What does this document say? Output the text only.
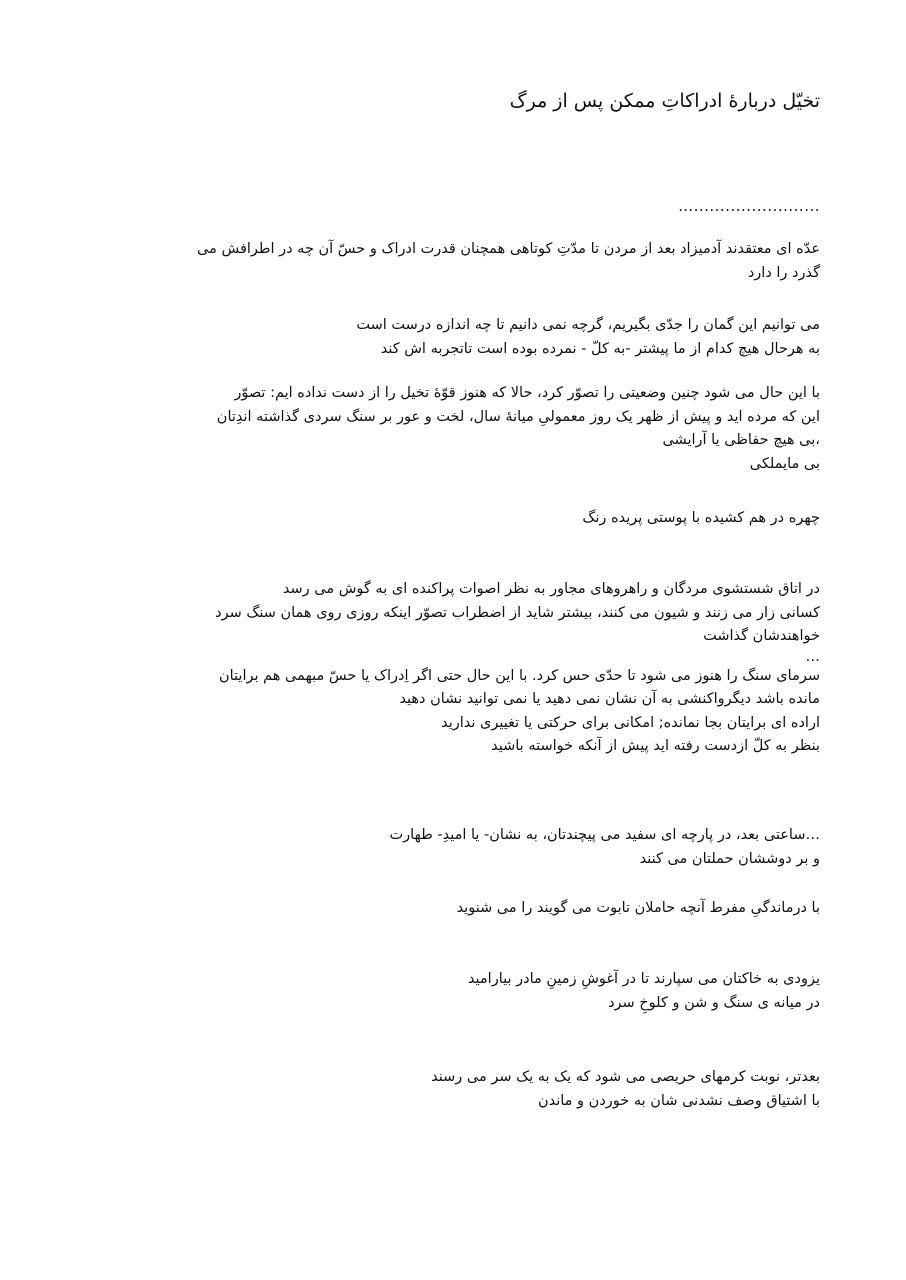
تخیّل دربارهٔ ادراکاتِ ممکن پس از مرگ
…........................
عدّه ای معتقدند آدمیزاد بعد از مردن تا مدّتِ کوتاهی همچنان قدرت ادراک و حسّ آن چه در اطرافش می
گذرد را دارد
می توانیم این گمان را جدّی بگیریم، گرچه نمی دانیم تا چه اندازه درست است
به هرحال هیچ کدام از ما پیشتر -به کلّ - نمرده بوده است تاتجربه اش کند
با این حال می شود چنین وضعیتی را تصوّر کرد، حالا که هنوز قوّهٔ تخیل را از دست نداده ایم: تصوّر
این که مرده اید و پیش از ظهر یک روز معمولیِ میانهٔ سال، لخت و عور بر سنگ سردی گذاشته اندِتان
،بی هیچ حفاظی یا آرایشی
بی مایملکی
چهره در هم کشیده با پوستی پریده رنگ
در اتاق شستشوی مردگان و راهروهای مجاور به نظر اصوات پراکنده ای به گوش می رسد
کسانی زار می زنند و شیون می کنند، بیشتر شاید از اضطراب تصوّر اینکه روزی روی همان سنگ سرد
خواهندشان گذاشت
…
سرمای سنگ را هنوز می شود تا حدّی حس کرد. با این حال حتی اگر اِدراک یا حسّ مبهمی هم برایتان
مانده باشد دیگرواکنشی به آن نشان نمی دهید یا نمی توانید نشان دهید
اراده ای برایتان بجا نمانده; امکانی برای حرکتی یا تغییری ندارید
بنظر به کلّ ازدست رفته اید پیش از آنکه خواسته باشید
…ساعتی بعد، در پارچه ای سفید می پیچندتان، به نشان- یا امیدِ- طهارت
و بر دوششان حملتان می کنند
با درماندگیِ مفرط آنچه حاملان تابوت می گویند را می شنوید
یزودی به خاکتان می سپارند تا در آغوشِ زمینِ مادر بیارامید
در میانه ی سنگ و شن و کلوخِ سرد
بعدتر، نوبت کرمهای حریصی می شود که یک به یک سر می رسند
با اشتیاق وصف نشدنی شان به خوردن و ماندن
